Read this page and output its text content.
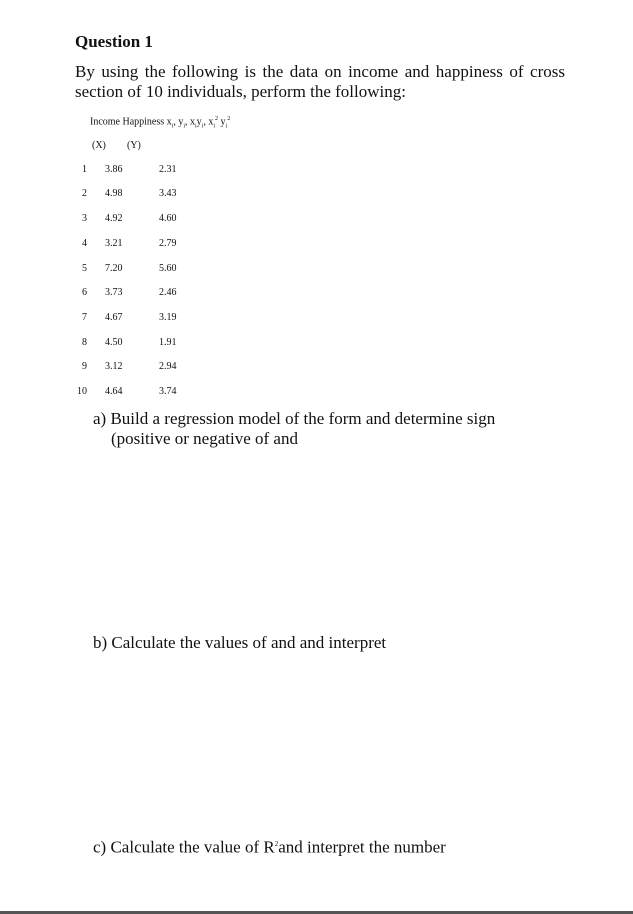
Question 1

By using the following is the data on income and happiness of cross section of 10 individuals, perform the following:

Income Happiness $x_i$, $y_i$, $x_iy_i$, $x_i^2$ $y_i^2$
(X) (Y)
1 3.86	2.31
2 4.98	3.43
3 4.92	4.60
4 3.21	2.79
5 7.20	5.60
6 3.73	2.46
7 4.67	3.19
8 4.50	1.91
9 3.12	2.94
10 4.64	3.74

a) Build a regression model of the form and determine sign
(positive or negative of and

b) Calculate the values of and and interpret

c) Calculate the value of $R^2and$ interpret the number
